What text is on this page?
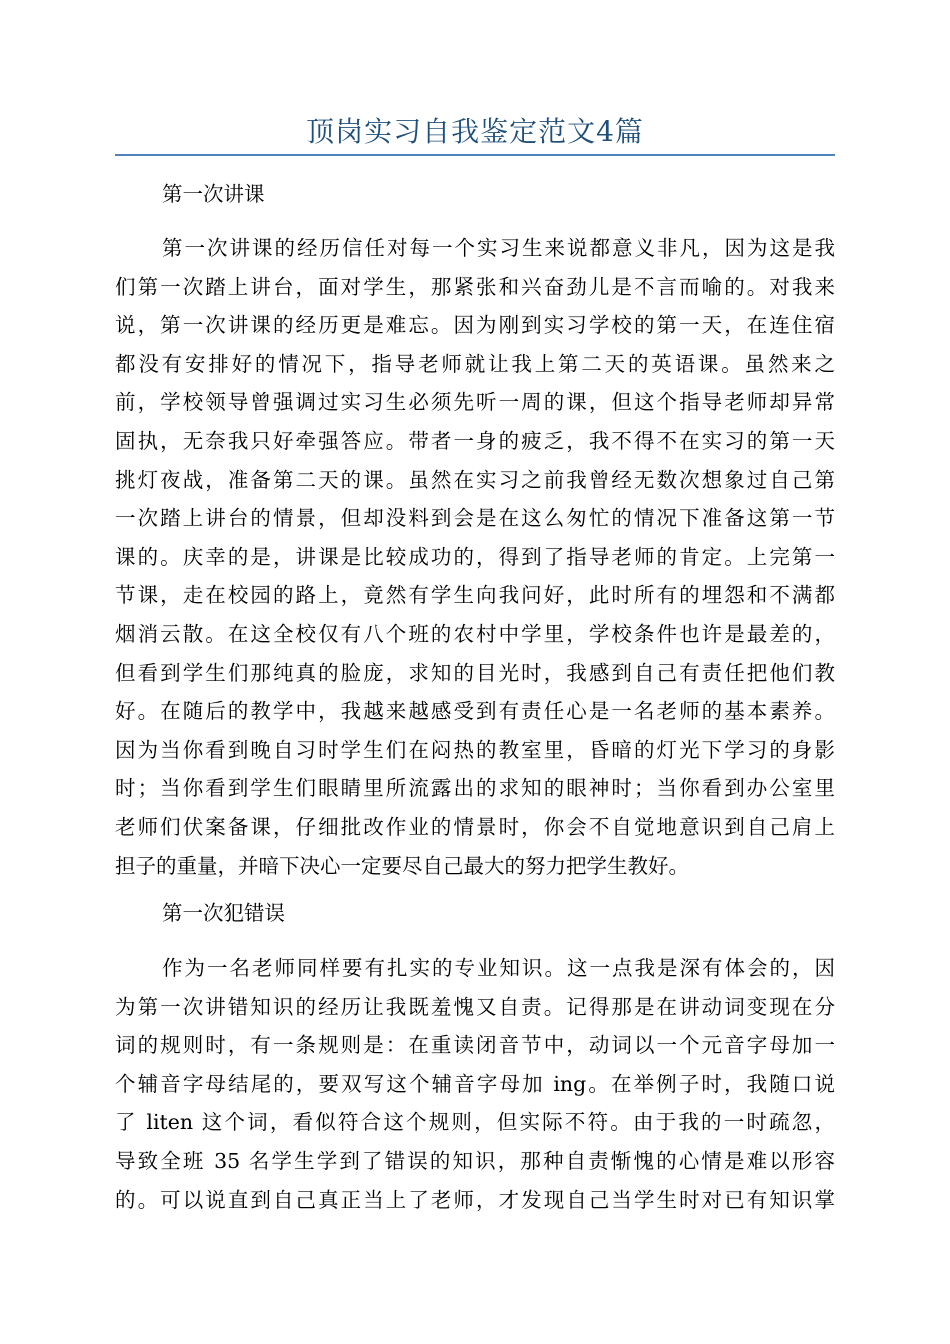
顶岗实习自我鉴定范文4篇
第一次讲课
第一次讲课的经历信任对每一个实习生来说都意义非凡，因为这是我
们第一次踏上讲台，面对学生，那紧张和兴奋劲儿是不言而喻的。对我来
说，第一次讲课的经历更是难忘。因为刚到实习学校的第一天，在连住宿
都没有安排好的情况下，指导老师就让我上第二天的英语课。虽然来之
前，学校领导曾强调过实习生必须先听一周的课，但这个指导老师却异常
固执，无奈我只好牵强答应。带者一身的疲乏，我不得不在实习的第一天
挑灯夜战，准备第二天的课。虽然在实习之前我曾经无数次想象过自己第
一次踏上讲台的情景，但却没料到会是在这么匆忙的情况下准备这第一节
课的。庆幸的是，讲课是比较成功的，得到了指导老师的肯定。上完第一
节课，走在校园的路上，竟然有学生向我问好，此时所有的埋怨和不满都
烟消云散。在这全校仅有八个班的农村中学里，学校条件也许是最差的，
但看到学生们那纯真的脸庞，求知的目光时，我感到自己有责任把他们教
好。在随后的教学中，我越来越感受到有责任心是一名老师的基本素养。
因为当你看到晚自习时学生们在闷热的教室里，昏暗的灯光下学习的身影
时；当你看到学生们眼睛里所流露出的求知的眼神时；当你看到办公室里
老师们伏案备课，仔细批改作业的情景时，你会不自觉地意识到自己肩上
担子的重量，并暗下决心一定要尽自己最大的努力把学生教好。
第一次犯错误
作为一名老师同样要有扎实的专业知识。这一点我是深有体会的，因
为第一次讲错知识的经历让我既羞愧又自责。记得那是在讲动词变现在分
词的规则时，有一条规则是：在重读闭音节中，动词以一个元音字母加一
个辅音字母结尾的，要双写这个辅音字母加 ing。在举例子时，我随口说
了 liten 这个词，看似符合这个规则，但实际不符。由于我的一时疏忽，
导致全班 35 名学生学到了错误的知识，那种自责惭愧的心情是难以形容
的。可以说直到自己真正当上了老师，才发现自己当学生时对已有知识掌
